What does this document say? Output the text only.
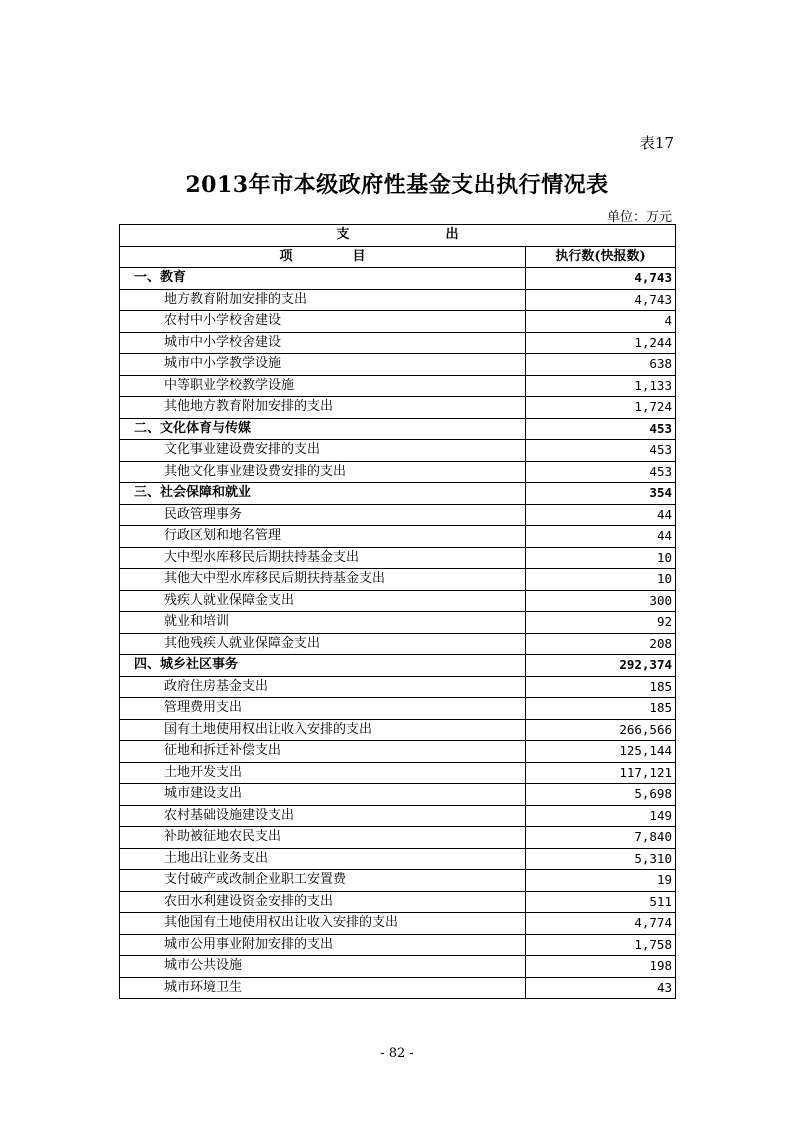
表17
2013年市本级政府性基金支出执行情况表
单位：万元
支 出	
项 目	执行数(快报数)
一、教育	4,743
地方教育附加安排的支出	4,743
农村中小学校舍建设	4
城市中小学校舍建设	1,244
城市中小学教学设施	638
中等职业学校教学设施	1,133
其他地方教育附加安排的支出	1,724
二、文化体育与传媒	453
文化事业建设费安排的支出	453
其他文化事业建设费安排的支出	453
三、社会保障和就业	354
民政管理事务	44
行政区划和地名管理	44
大中型水库移民后期扶持基金支出	10
其他大中型水库移民后期扶持基金支出	10
残疾人就业保障金支出	300
就业和培训	92
其他残疾人就业保障金支出	208
四、城乡社区事务	292,374
政府住房基金支出	185
管理费用支出	185
国有土地使用权出让收入安排的支出	266,566
征地和拆迁补偿支出	125,144
土地开发支出	117,121
城市建设支出	5,698
农村基础设施建设支出	149
补助被征地农民支出	7,840
土地出让业务支出	5,310
支付破产或改制企业职工安置费	19
农田水利建设资金安排的支出	511
其他国有土地使用权出让收入安排的支出	4,774
城市公用事业附加安排的支出	1,758
城市公共设施	198
城市环境卫生	43
- 82 -
